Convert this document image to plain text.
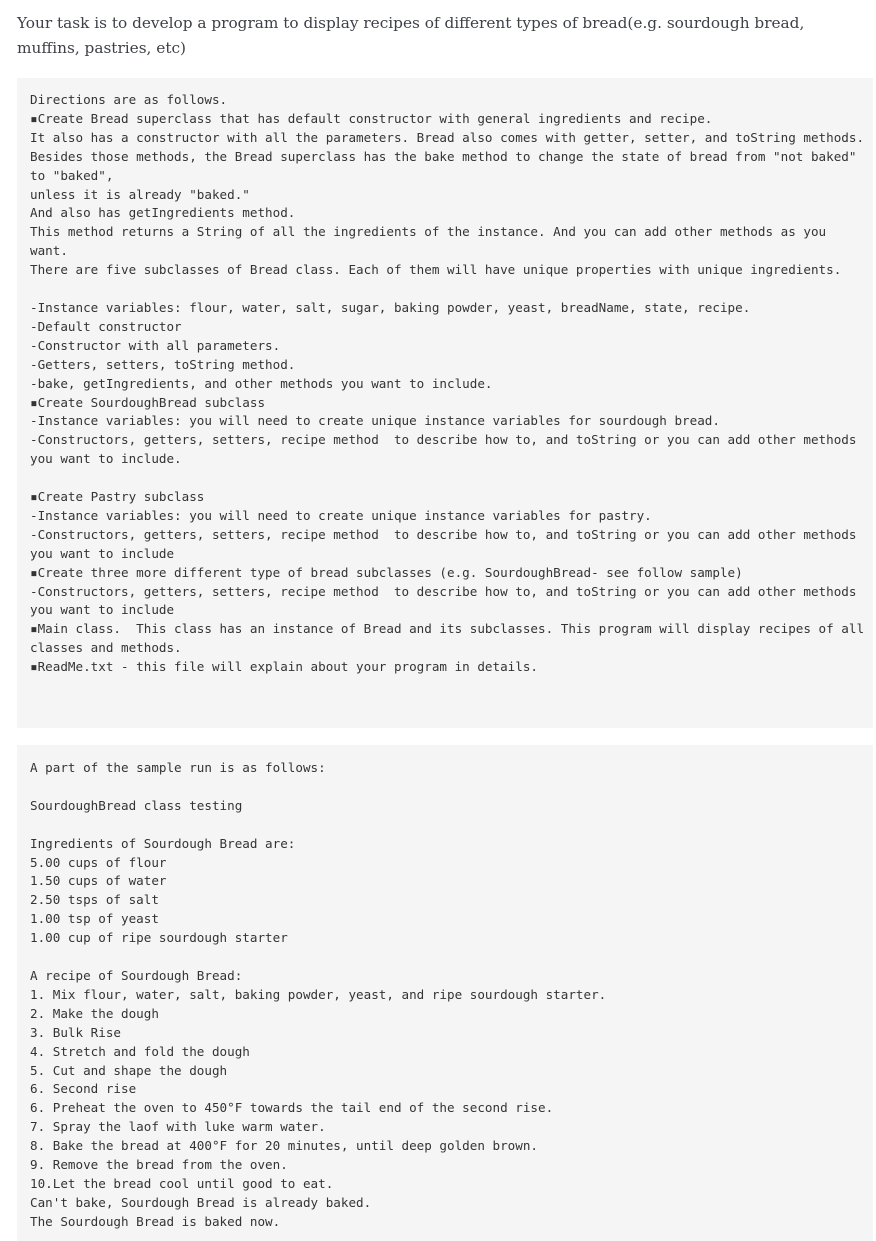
Your task is to develop a program to display recipes of different types of bread(e.g. sourdough bread, muffins, pastries, etc)

Directions are as follows.
▪Create Bread superclass that has default constructor with general ingredients and recipe.
It also has a constructor with all the parameters. Bread also comes with getter, setter, and toString methods.
Besides those methods, the Bread superclass has the bake method to change the state of bread from "not baked" to "baked",
unless it is already "baked."
And also has getIngredients method.
This method returns a String of all the ingredients of the instance. And you can add other methods as you want.
There are five subclasses of Bread class. Each of them will have unique properties with unique ingredients.

-Instance variables: flour, water, salt, sugar, baking powder, yeast, breadName, state, recipe.
-Default constructor
-Constructor with all parameters.
-Getters, setters, toString method.
-bake, getIngredients, and other methods you want to include.
▪Create SourdoughBread subclass
-Instance variables: you will need to create unique instance variables for sourdough bread.
-Constructors, getters, setters, recipe method  to describe how to, and toString or you can add other methods you want to include.

▪Create Pastry subclass
-Instance variables: you will need to create unique instance variables for pastry.
-Constructors, getters, setters, recipe method  to describe how to, and toString or you can add other methods you want to include
▪Create three more different type of bread subclasses (e.g. SourdoughBread- see follow sample)
-Constructors, getters, setters, recipe method  to describe how to, and toString or you can add other methods you want to include
▪Main class.  This class has an instance of Bread and its subclasses. This program will display recipes of all classes and methods.
▪ReadMe.txt - this file will explain about your program in details.
A part of the sample run is as follows:

SourdoughBread class testing

Ingredients of Sourdough Bread are:
5.00 cups of flour
1.50 cups of water
2.50 tsps of salt
1.00 tsp of yeast
1.00 cup of ripe sourdough starter

A recipe of Sourdough Bread:
1. Mix flour, water, salt, baking powder, yeast, and ripe sourdough starter.
2. Make the dough
3. Bulk Rise
4. Stretch and fold the dough
5. Cut and shape the dough
6. Second rise
6. Preheat the oven to 450°F towards the tail end of the second rise.
7. Spray the laof with luke warm water.
8. Bake the bread at 400°F for 20 minutes, until deep golden brown.
9. Remove the bread from the oven.
10.Let the bread cool until good to eat.
Can't bake, Sourdough Bread is already baked.
The Sourdough Bread is baked now.
